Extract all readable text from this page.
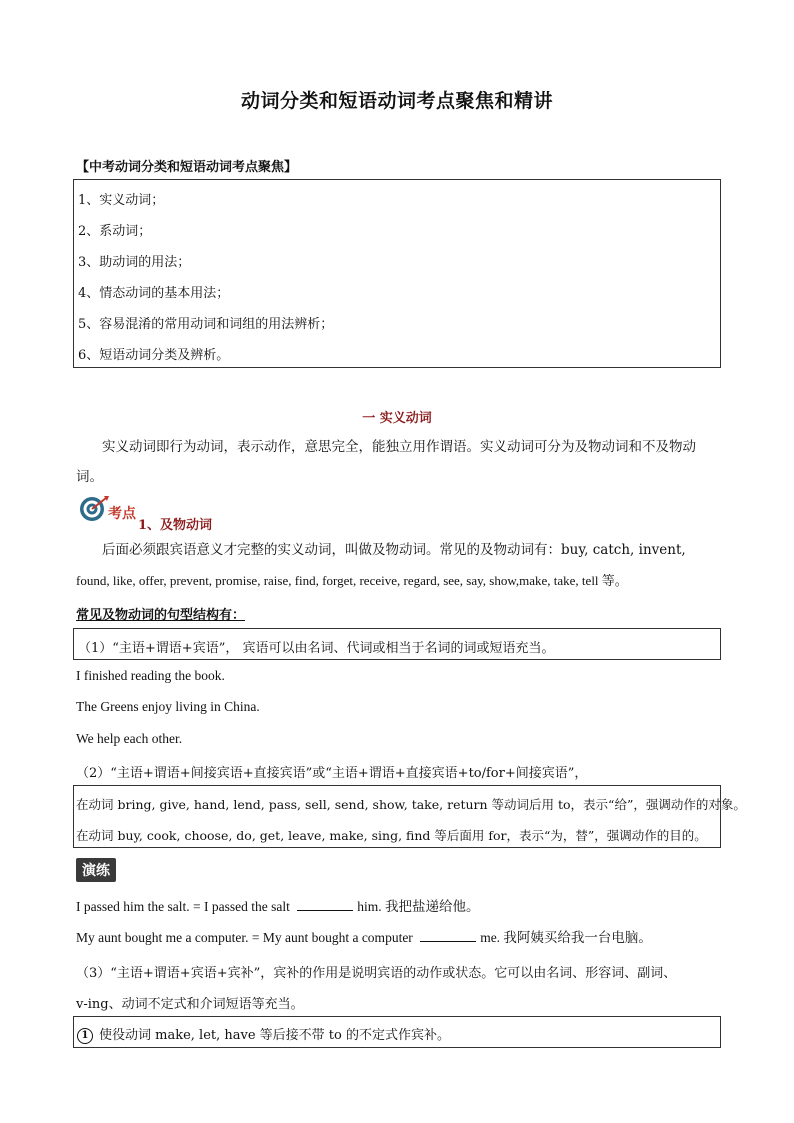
动词分类和短语动词考点聚焦和精讲
【中考动词分类和短语动词考点聚焦】
1、实义动词；
2、系动词；
3、助动词的用法；
4、情态动词的基本用法；
5、容易混淆的常用动词和词组的用法辨析；
6、短语动词分类及辨析。
一 实义动词
实义动词即行为动词，表示动作，意思完全，能独立用作谓语。实义动词可分为及物动词和不及物动
词。
考点
1、及物动词
后面必须跟宾语意义才完整的实义动词，叫做及物动词。常见的及物动词有：buy, catch, invent,
found, like, offer, prevent, promise, raise, find, forget, receive, regard, see, say, show,make, take, tell 等。
常见及物动词的句型结构有：
（1）“主语+谓语+宾语”， 宾语可以由名词、代词或相当于名词的词或短语充当。
I finished reading the book.
The Greens enjoy living in China.
We help each other.
（2）“主语+谓语+间接宾语+直接宾语”或“主语+谓语+直接宾语+to/for+间接宾语”，
在动词 bring, give, hand, lend, pass, sell, send, show, take, return 等动词后用 to，表示“给”，强调动作的对象。
在动词 buy, cook, choose, do, get, leave, make, sing, find 等后面用 for，表示“为，替”，强调动作的目的。
演练
I passed him the salt. = I passed the salt	him. 我把盐递给他。
My aunt bought me a computer. = My aunt bought a computer	me. 我阿姨买给我一台电脑。
（3）“主语+谓语+宾语+宾补”，宾补的作用是说明宾语的动作或状态。它可以由名词、形容词、副词、
v-ing、动词不定式和介词短语等充当。
1 使役动词 make, let, have 等后接不带 to 的不定式作宾补。
